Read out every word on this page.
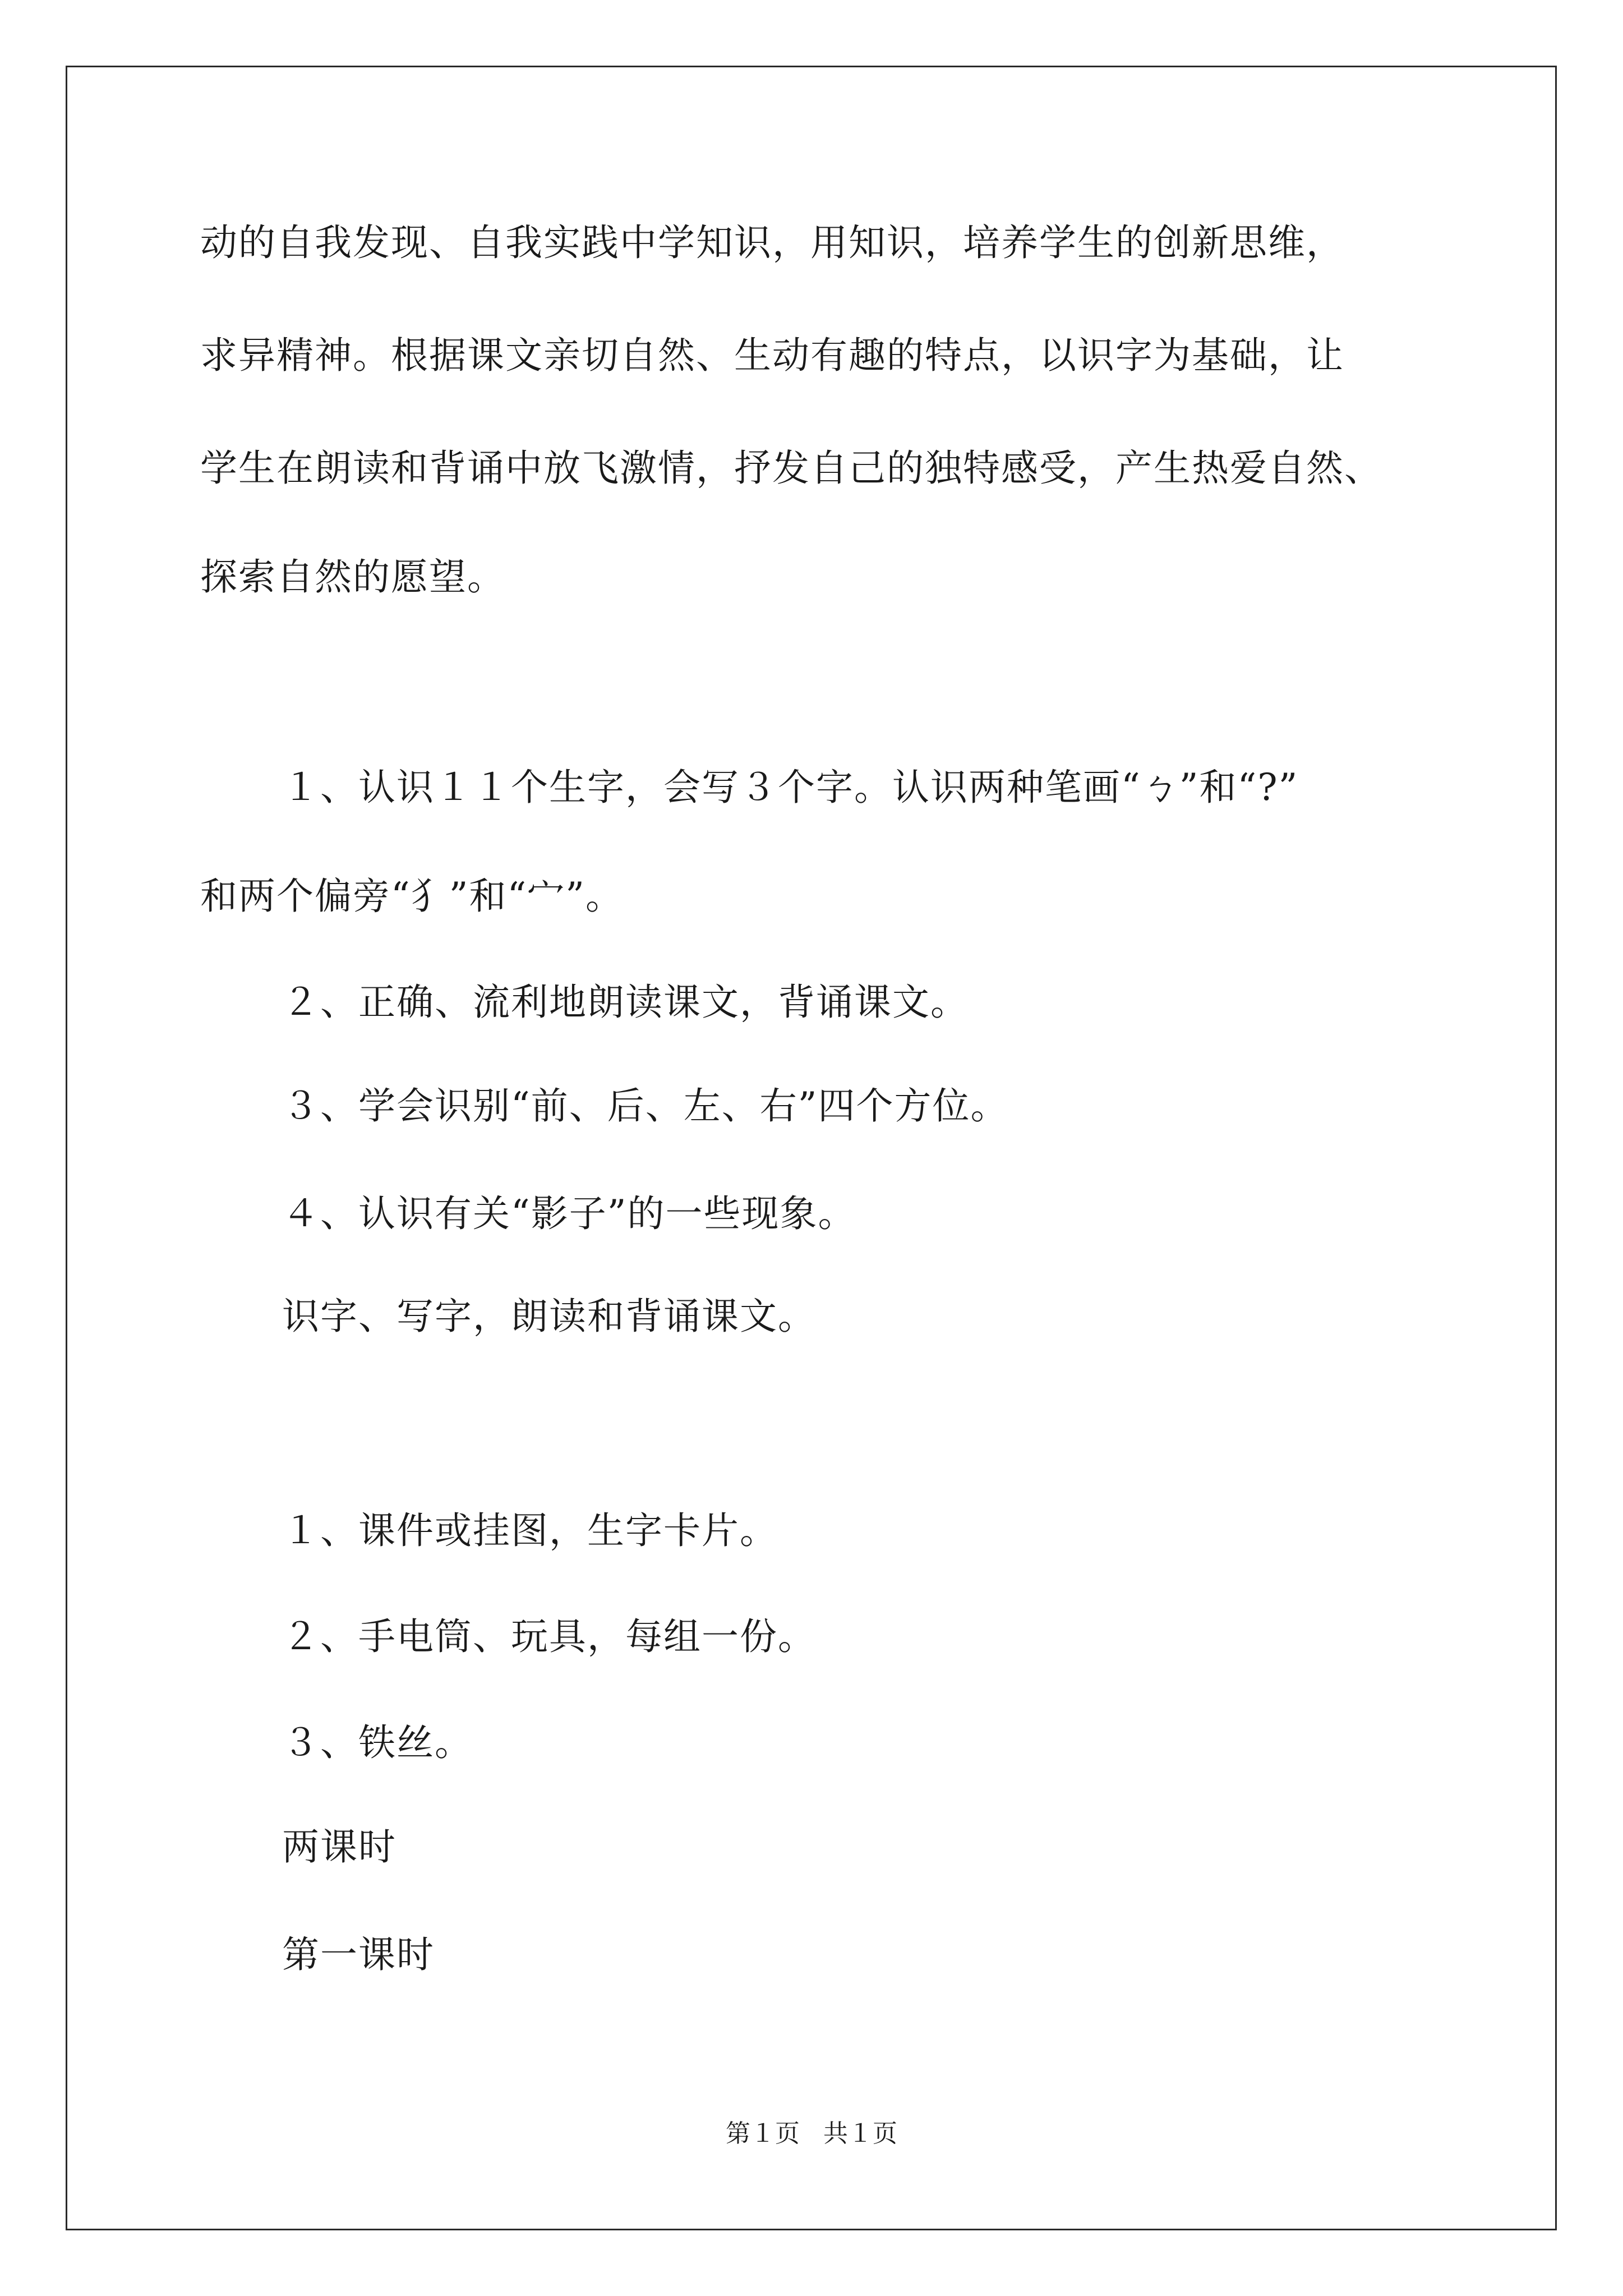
动的自我发现、自我实践中学知识，用知识，培养学生的创新思维，
求异精神。根据课文亲切自然、生动有趣的特点，以识字为基础，让
学生在朗读和背诵中放飞激情，抒发自己的独特感受，产生热爱自然、
探索自然的愿望。
１、认识１１个生字，会写３个字。认识两种笔画“ㄅ”和“?”
和两个偏旁“犭”和“宀”。
２、正确、流利地朗读课文，背诵课文。
３、学会识别“前、后、左、右”四个方位。
４、认识有关“影子”的一些现象。
识字、写字，朗读和背诵课文。
１、课件或挂图，生字卡片。
２、手电筒、玩具，每组一份。
３、铁丝。
两课时
第一课时
第１页 共１页
